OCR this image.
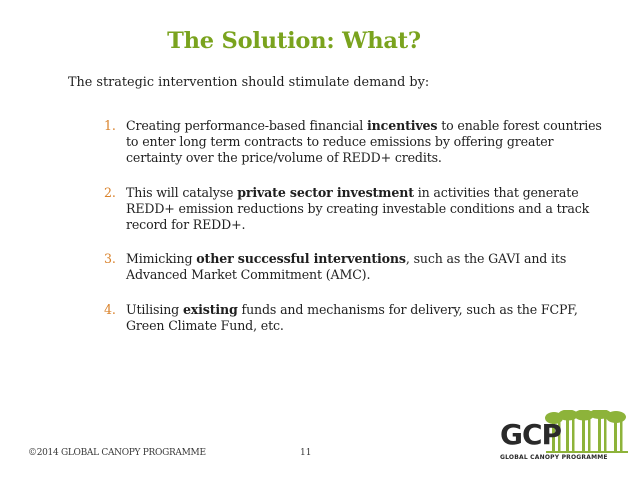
The Solution: What?
The strategic intervention should stimulate demand by:
1. Creating performance-based financial incentives to enable forest countries to enter long term contracts to reduce emissions by offering greater certainty over the price/volume of REDD+ credits.
2. This will catalyse private sector investment in activities that generate REDD+ emission reductions by creating investable conditions and a track record for REDD+.
3. Mimicking other successful interventions, such as the GAVI and its Advanced Market Commitment (AMC).
4. Utilising existing funds and mechanisms for delivery, such as the FCPF, Green Climate Fund, etc.
©2014 GLOBAL CANOPY PROGRAMME	11
GCP
GLOBAL CANOPY PROGRAMME
